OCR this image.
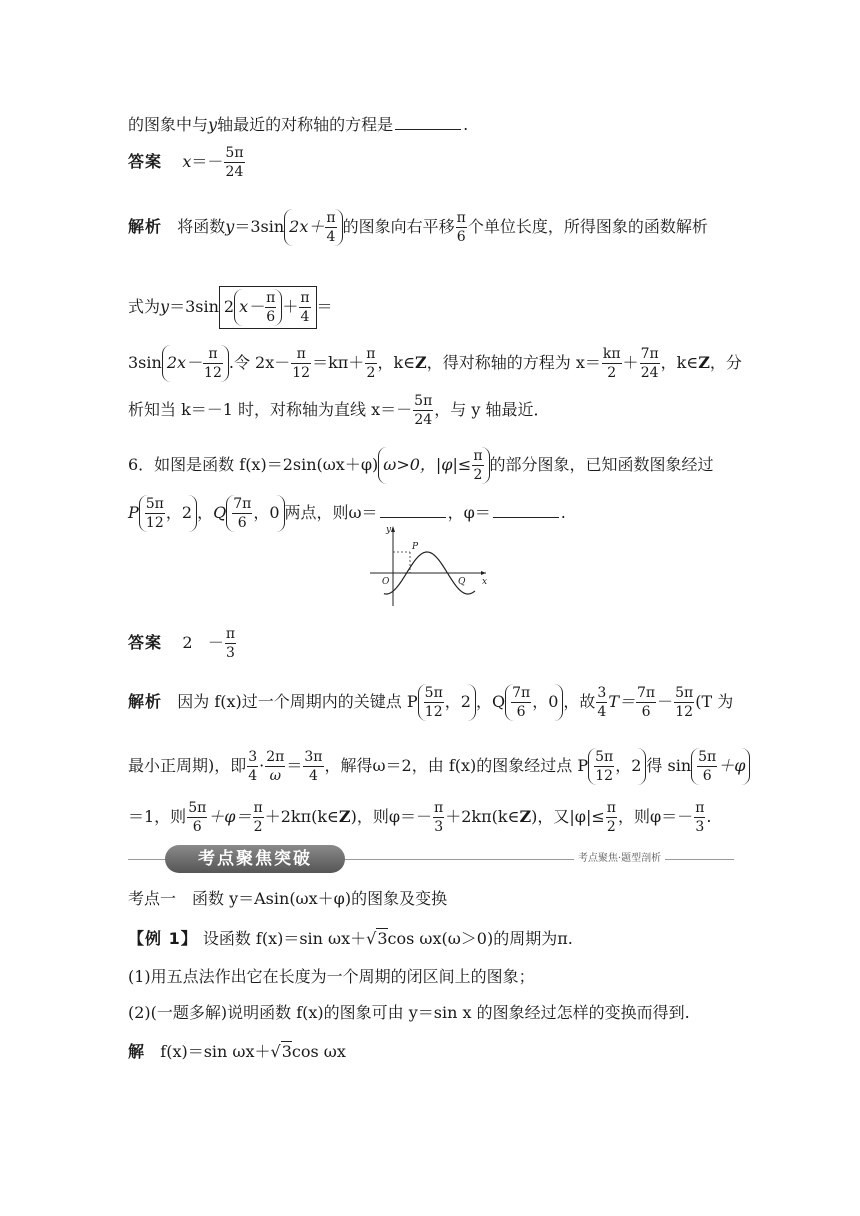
的图象中与y轴最近的对称轴的方程是	.
答案 $x=- \frac{5\pi}{24}$
解析 将函数y＝3sin $2x+ \frac{\pi}{4}$ 的图象向右平移 $\frac{\pi}{6}$ 个单位长度，所得图象的函数解析
式为y＝3sin 2 $x- \frac{\pi}{6} + \frac{\pi}{4}$ ＝
3sin $2x- \frac{\pi}{12}$ .令 $2x- \frac{\pi}{12} =k\pi+ \frac{\pi}{2}$ ，k∈Z，得对称轴的方程为 $x= \frac{k\pi}{2} + \frac{7\pi}{24}$ ，k∈Z，分
析知当 k＝－1 时，对称轴为直线 $x=- \frac{5\pi}{24}$ ，与 y 轴最近．
6．如图是函数 f(x)＝2sin(ωx＋φ) ω>0，$|\varphi|\le \frac{\pi}{2}$ 的部分图象，已知函数图象经过
P $\frac{5\pi}{12}$ ，2 ，Q $\frac{7\pi}{6}$ ，0 两点，则ω＝	，φ＝	.
y
x
O
P
Q
答案 $2 - \frac{\pi}{3}$
解析 因为 f(x)过一个周期内的关键点 P $\frac{5\pi}{12}$ ，2 ，Q $\frac{7\pi}{6}$ ，0 ，故 $\frac{3}{4} T= \frac{7\pi}{6} - \frac{5\pi}{12} (T$ 为
最小正周期)，即 $\frac{3}{4} \cdot \frac{2\pi}{\omega} = \frac{3\pi}{4}$ ，解得ω＝2，由 f(x)的图象经过点 P $\frac{5\pi}{12}$ ，2 得 $\sin \frac{5\pi}{6} +\varphi$
＝1，则 $\frac{5\pi}{6} +\varphi= \frac{\pi}{2}$ ＋2kπ(k∈Z)，则$\varphi=- \frac{\pi}{3}$ ＋2kπ(k∈Z)，又$|\varphi|\le \frac{\pi}{2}$ ，则$\varphi=- \frac{\pi}{3}$ .
考点聚焦突破	考点聚焦·题型剖析
考点一　函数 y＝Asin(ωx＋φ)的图象及变换
【例 1】 设函数 f(x)＝sin ωx＋√3cos ωx(ω＞0)的周期为π.
(1)用五点法作出它在长度为一个周期的闭区间上的图象；
(2)(一题多解)说明函数 f(x)的图象可由 y＝sin x 的图象经过怎样的变换而得到.
解 f(x)＝sin ωx＋√3cos ωx
